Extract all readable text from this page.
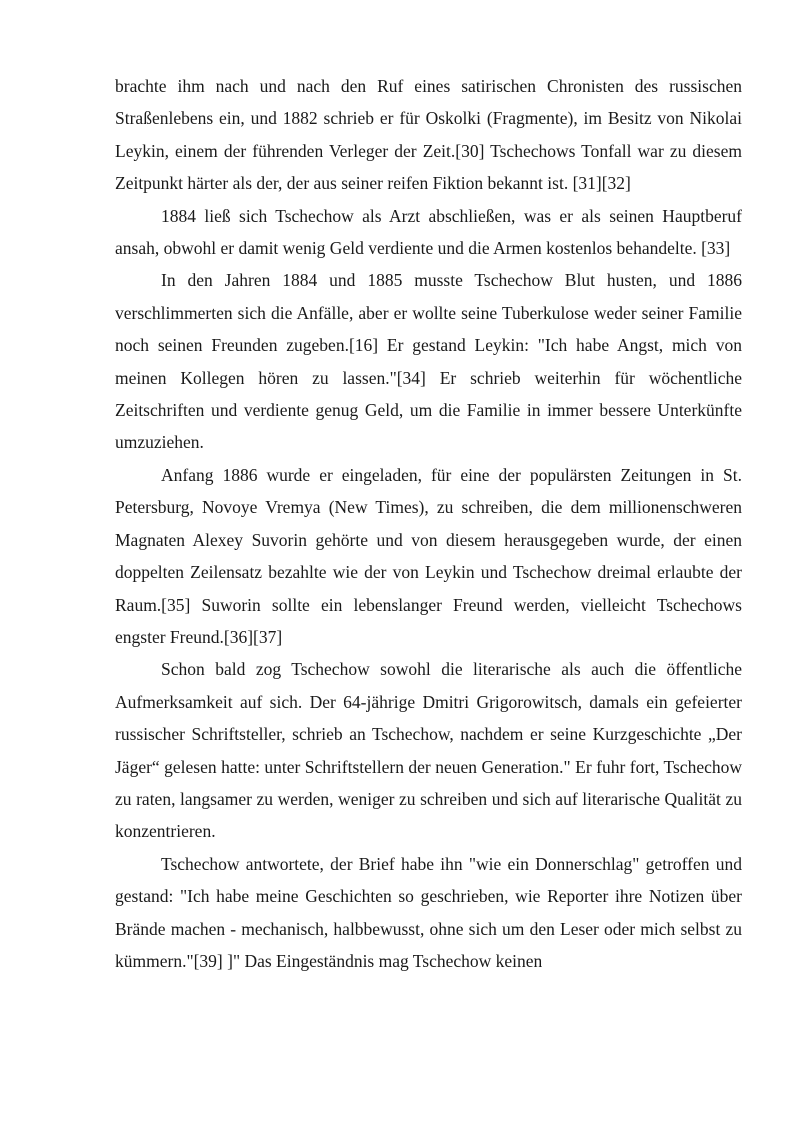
brachte ihm nach und nach den Ruf eines satirischen Chronisten des russischen Straßenlebens ein, und 1882 schrieb er für Oskolki (Fragmente), im Besitz von Nikolai Leykin, einem der führenden Verleger der Zeit.[30] Tschechows Tonfall war zu diesem Zeitpunkt härter als der, der aus seiner reifen Fiktion bekannt ist. [31][32]

1884 ließ sich Tschechow als Arzt abschließen, was er als seinen Hauptberuf ansah, obwohl er damit wenig Geld verdiente und die Armen kostenlos behandelte. [33]

In den Jahren 1884 und 1885 musste Tschechow Blut husten, und 1886 verschlimmerten sich die Anfälle, aber er wollte seine Tuberkulose weder seiner Familie noch seinen Freunden zugeben.[16] Er gestand Leykin: "Ich habe Angst, mich von meinen Kollegen hören zu lassen."[34] Er schrieb weiterhin für wöchentliche Zeitschriften und verdiente genug Geld, um die Familie in immer bessere Unterkünfte umzuziehen.

Anfang 1886 wurde er eingeladen, für eine der populärsten Zeitungen in St. Petersburg, Novoye Vremya (New Times), zu schreiben, die dem millionenschweren Magnaten Alexey Suvorin gehörte und von diesem herausgegeben wurde, der einen doppelten Zeilensatz bezahlte wie der von Leykin und Tschechow dreimal erlaubte der Raum.[35] Suworin sollte ein lebenslanger Freund werden, vielleicht Tschechows engster Freund.[36][37]

Schon bald zog Tschechow sowohl die literarische als auch die öffentliche Aufmerksamkeit auf sich. Der 64-jährige Dmitri Grigorowitsch, damals ein gefeierter russischer Schriftsteller, schrieb an Tschechow, nachdem er seine Kurzgeschichte „Der Jäger“ gelesen hatte: unter Schriftstellern der neuen Generation." Er fuhr fort, Tschechow zu raten, langsamer zu werden, weniger zu schreiben und sich auf literarische Qualität zu konzentrieren.

Tschechow antwortete, der Brief habe ihn "wie ein Donnerschlag" getroffen und gestand: "Ich habe meine Geschichten so geschrieben, wie Reporter ihre Notizen über Brände machen - mechanisch, halbbewusst, ohne sich um den Leser oder mich selbst zu kümmern."[39] ]" Das Eingeständnis mag Tschechow keinen
